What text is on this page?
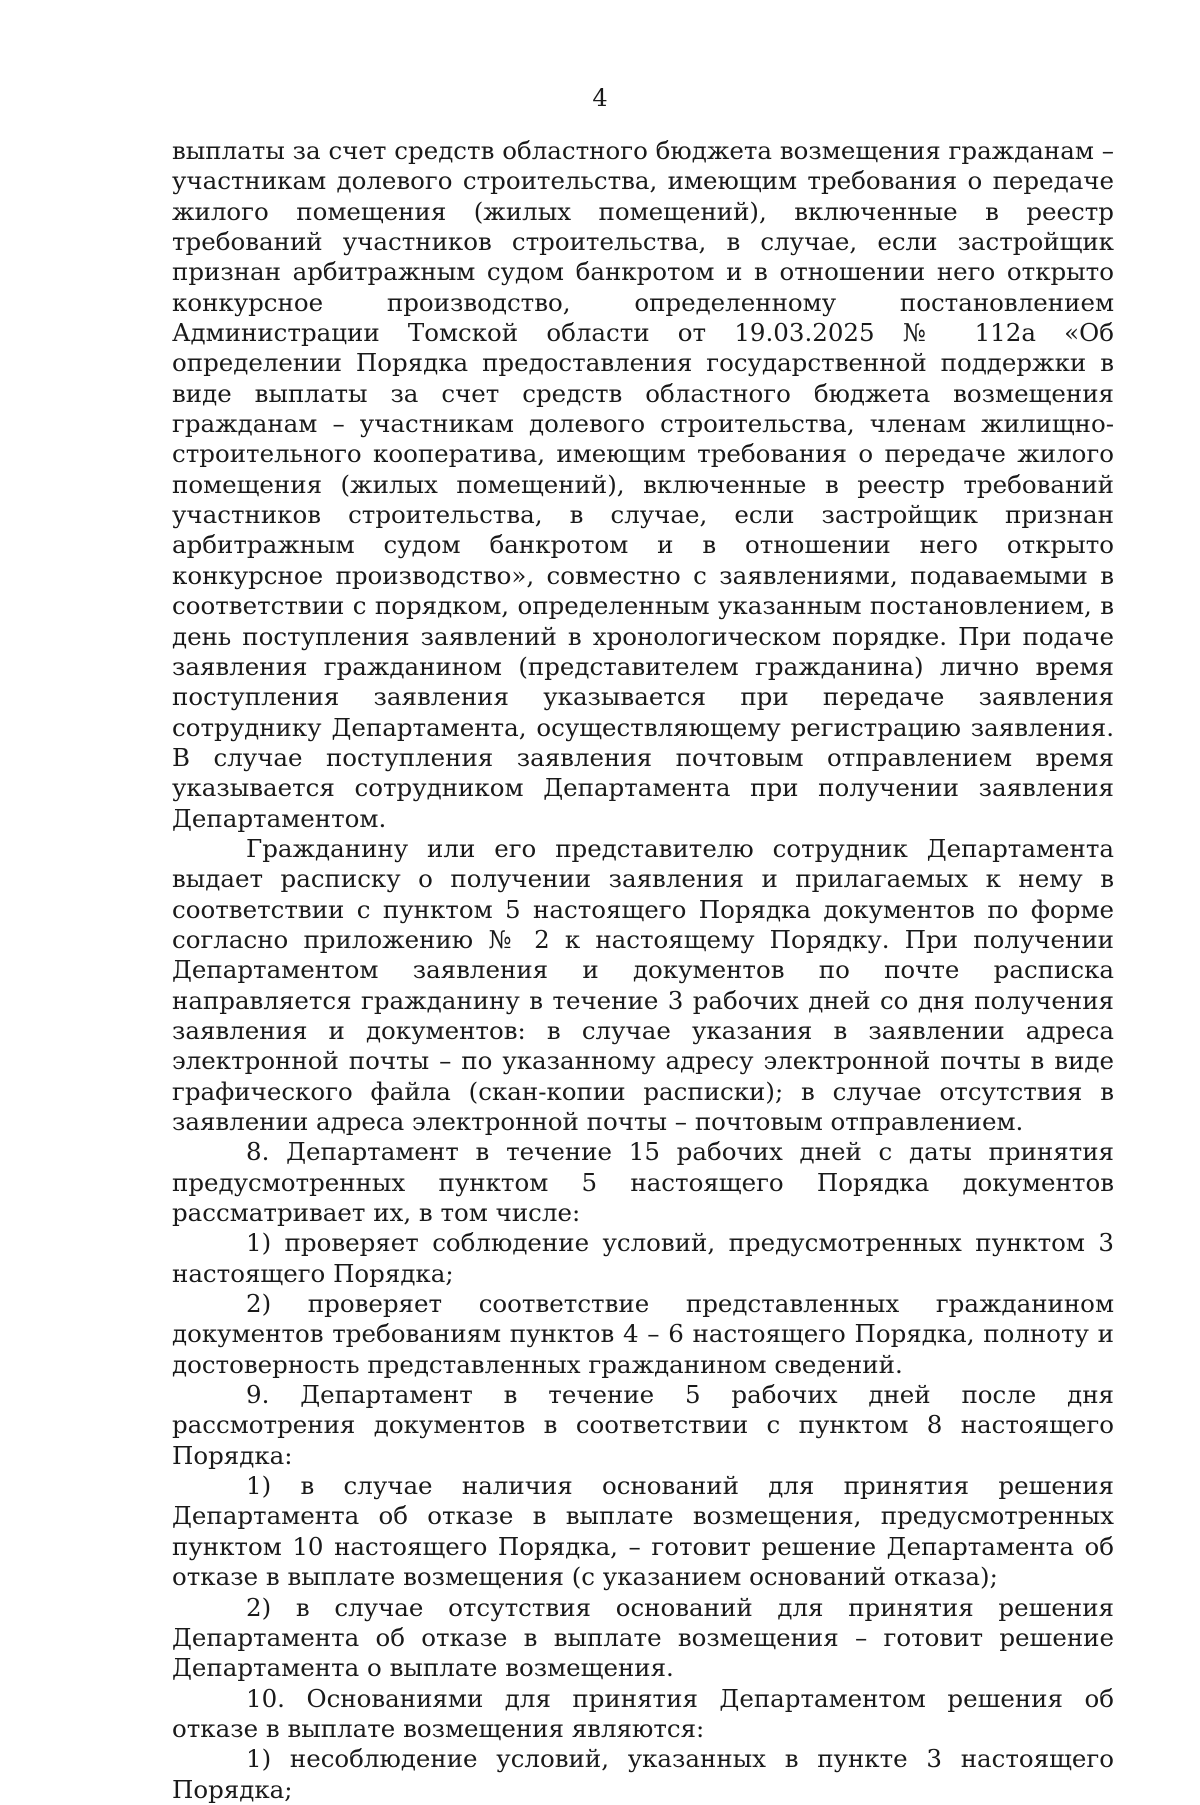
4

выплаты за счет средств областного бюджета возмещения гражданам – участникам долевого строительства, имеющим требования о передаче жилого помещения (жилых помещений), включенные в реестр требований участников строительства, в случае, если застройщик признан арбитражным судом банкротом и в отношении него открыто конкурсное производство, определенному постановлением Администрации Томской области от 19.03.2025 № 112а «Об определении Порядка предоставления государственной поддержки в виде выплаты за счет средств областного бюджета возмещения гражданам – участникам долевого строительства, членам жилищно-строительного кооператива, имеющим требования о передаче жилого помещения (жилых помещений), включенные в реестр требований участников строительства, в случае, если застройщик признан арбитражным судом банкротом и в отношении него открыто конкурсное производство», совместно с заявлениями, подаваемыми в соответствии с порядком, определенным указанным постановлением, в день поступления заявлений в хронологическом порядке. При подаче заявления гражданином (представителем гражданина) лично время поступления заявления указывается при передаче заявления сотруднику Департамента, осуществляющему регистрацию заявления. В случае поступления заявления почтовым отправлением время указывается сотрудником Департамента при получении заявления Департаментом.

Гражданину или его представителю сотрудник Департамента выдает расписку о получении заявления и прилагаемых к нему в соответствии с пунктом 5 настоящего Порядка документов по форме согласно приложению № 2 к настоящему Порядку. При получении Департаментом заявления и документов по почте расписка направляется гражданину в течение 3 рабочих дней со дня получения заявления и документов: в случае указания в заявлении адреса электронной почты – по указанному адресу электронной почты в виде графического файла (скан-копии расписки); в случае отсутствия в заявлении адреса электронной почты – почтовым отправлением.

8. Департамент в течение 15 рабочих дней с даты принятия предусмотренных пунктом 5 настоящего Порядка документов рассматривает их, в том числе:

1) проверяет соблюдение условий, предусмотренных пунктом 3 настоящего Порядка;

2) проверяет соответствие представленных гражданином документов требованиям пунктов 4 – 6 настоящего Порядка, полноту и достоверность представленных гражданином сведений.

9. Департамент в течение 5 рабочих дней после дня рассмотрения документов в соответствии с пунктом 8 настоящего Порядка:

1) в случае наличия оснований для принятия решения Департамента об отказе в выплате возмещения, предусмотренных пунктом 10 настоящего Порядка, – готовит решение Департамента об отказе в выплате возмещения (с указанием оснований отказа);

2) в случае отсутствия оснований для принятия решения Департамента об отказе в выплате возмещения – готовит решение Департамента о выплате возмещения.

10. Основаниями для принятия Департаментом решения об отказе в выплате возмещения являются:

1) несоблюдение условий, указанных в пункте 3 настоящего Порядка;
